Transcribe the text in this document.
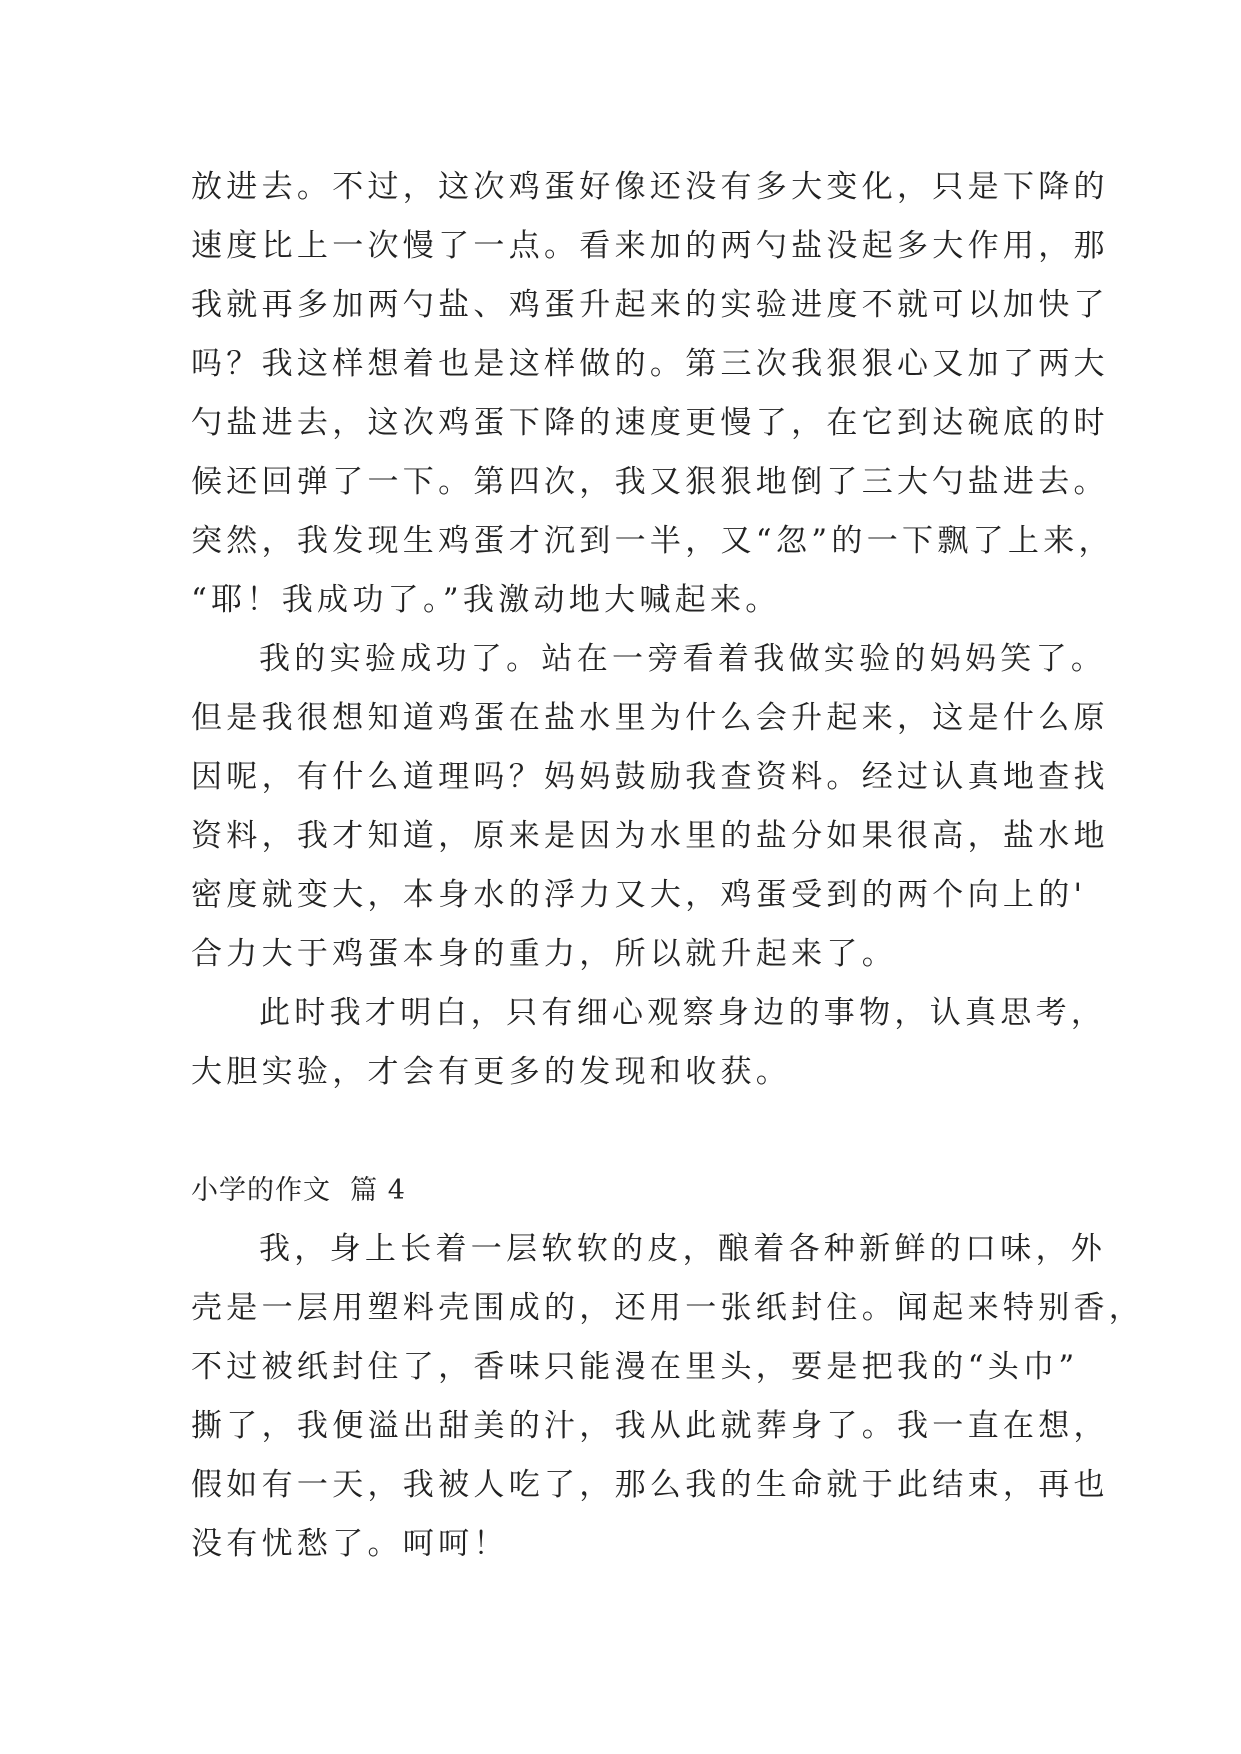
放进去。不过，这次鸡蛋好像还没有多大变化，只是下降的
速度比上一次慢了一点。看来加的两勺盐没起多大作用，那
我就再多加两勺盐、鸡蛋升起来的实验进度不就可以加快了
吗？我这样想着也是这样做的。第三次我狠狠心又加了两大
勺盐进去，这次鸡蛋下降的速度更慢了，在它到达碗底的时
候还回弹了一下。第四次，我又狠狠地倒了三大勺盐进去。
突然，我发现生鸡蛋才沉到一半，又“忽”的一下飘了上来，
“耶！我成功了。”我激动地大喊起来。
我的实验成功了。站在一旁看着我做实验的妈妈笑了。
但是我很想知道鸡蛋在盐水里为什么会升起来，这是什么原
因呢，有什么道理吗？妈妈鼓励我查资料。经过认真地查找
资料，我才知道，原来是因为水里的盐分如果很高，盐水地
密度就变大，本身水的浮力又大，鸡蛋受到的两个向上的'
合力大于鸡蛋本身的重力，所以就升起来了。
此时我才明白，只有细心观察身边的事物，认真思考，
大胆实验，才会有更多的发现和收获。
小学的作文  篇 4
我，身上长着一层软软的皮，酿着各种新鲜的口味，外
壳是一层用塑料壳围成的，还用一张纸封住。闻起来特别香，
不过被纸封住了，香味只能漫在里头，要是把我的“头巾”
撕了，我便溢出甜美的汁，我从此就葬身了。我一直在想，
假如有一天，我被人吃了，那么我的生命就于此结束，再也
没有忧愁了。呵呵！
